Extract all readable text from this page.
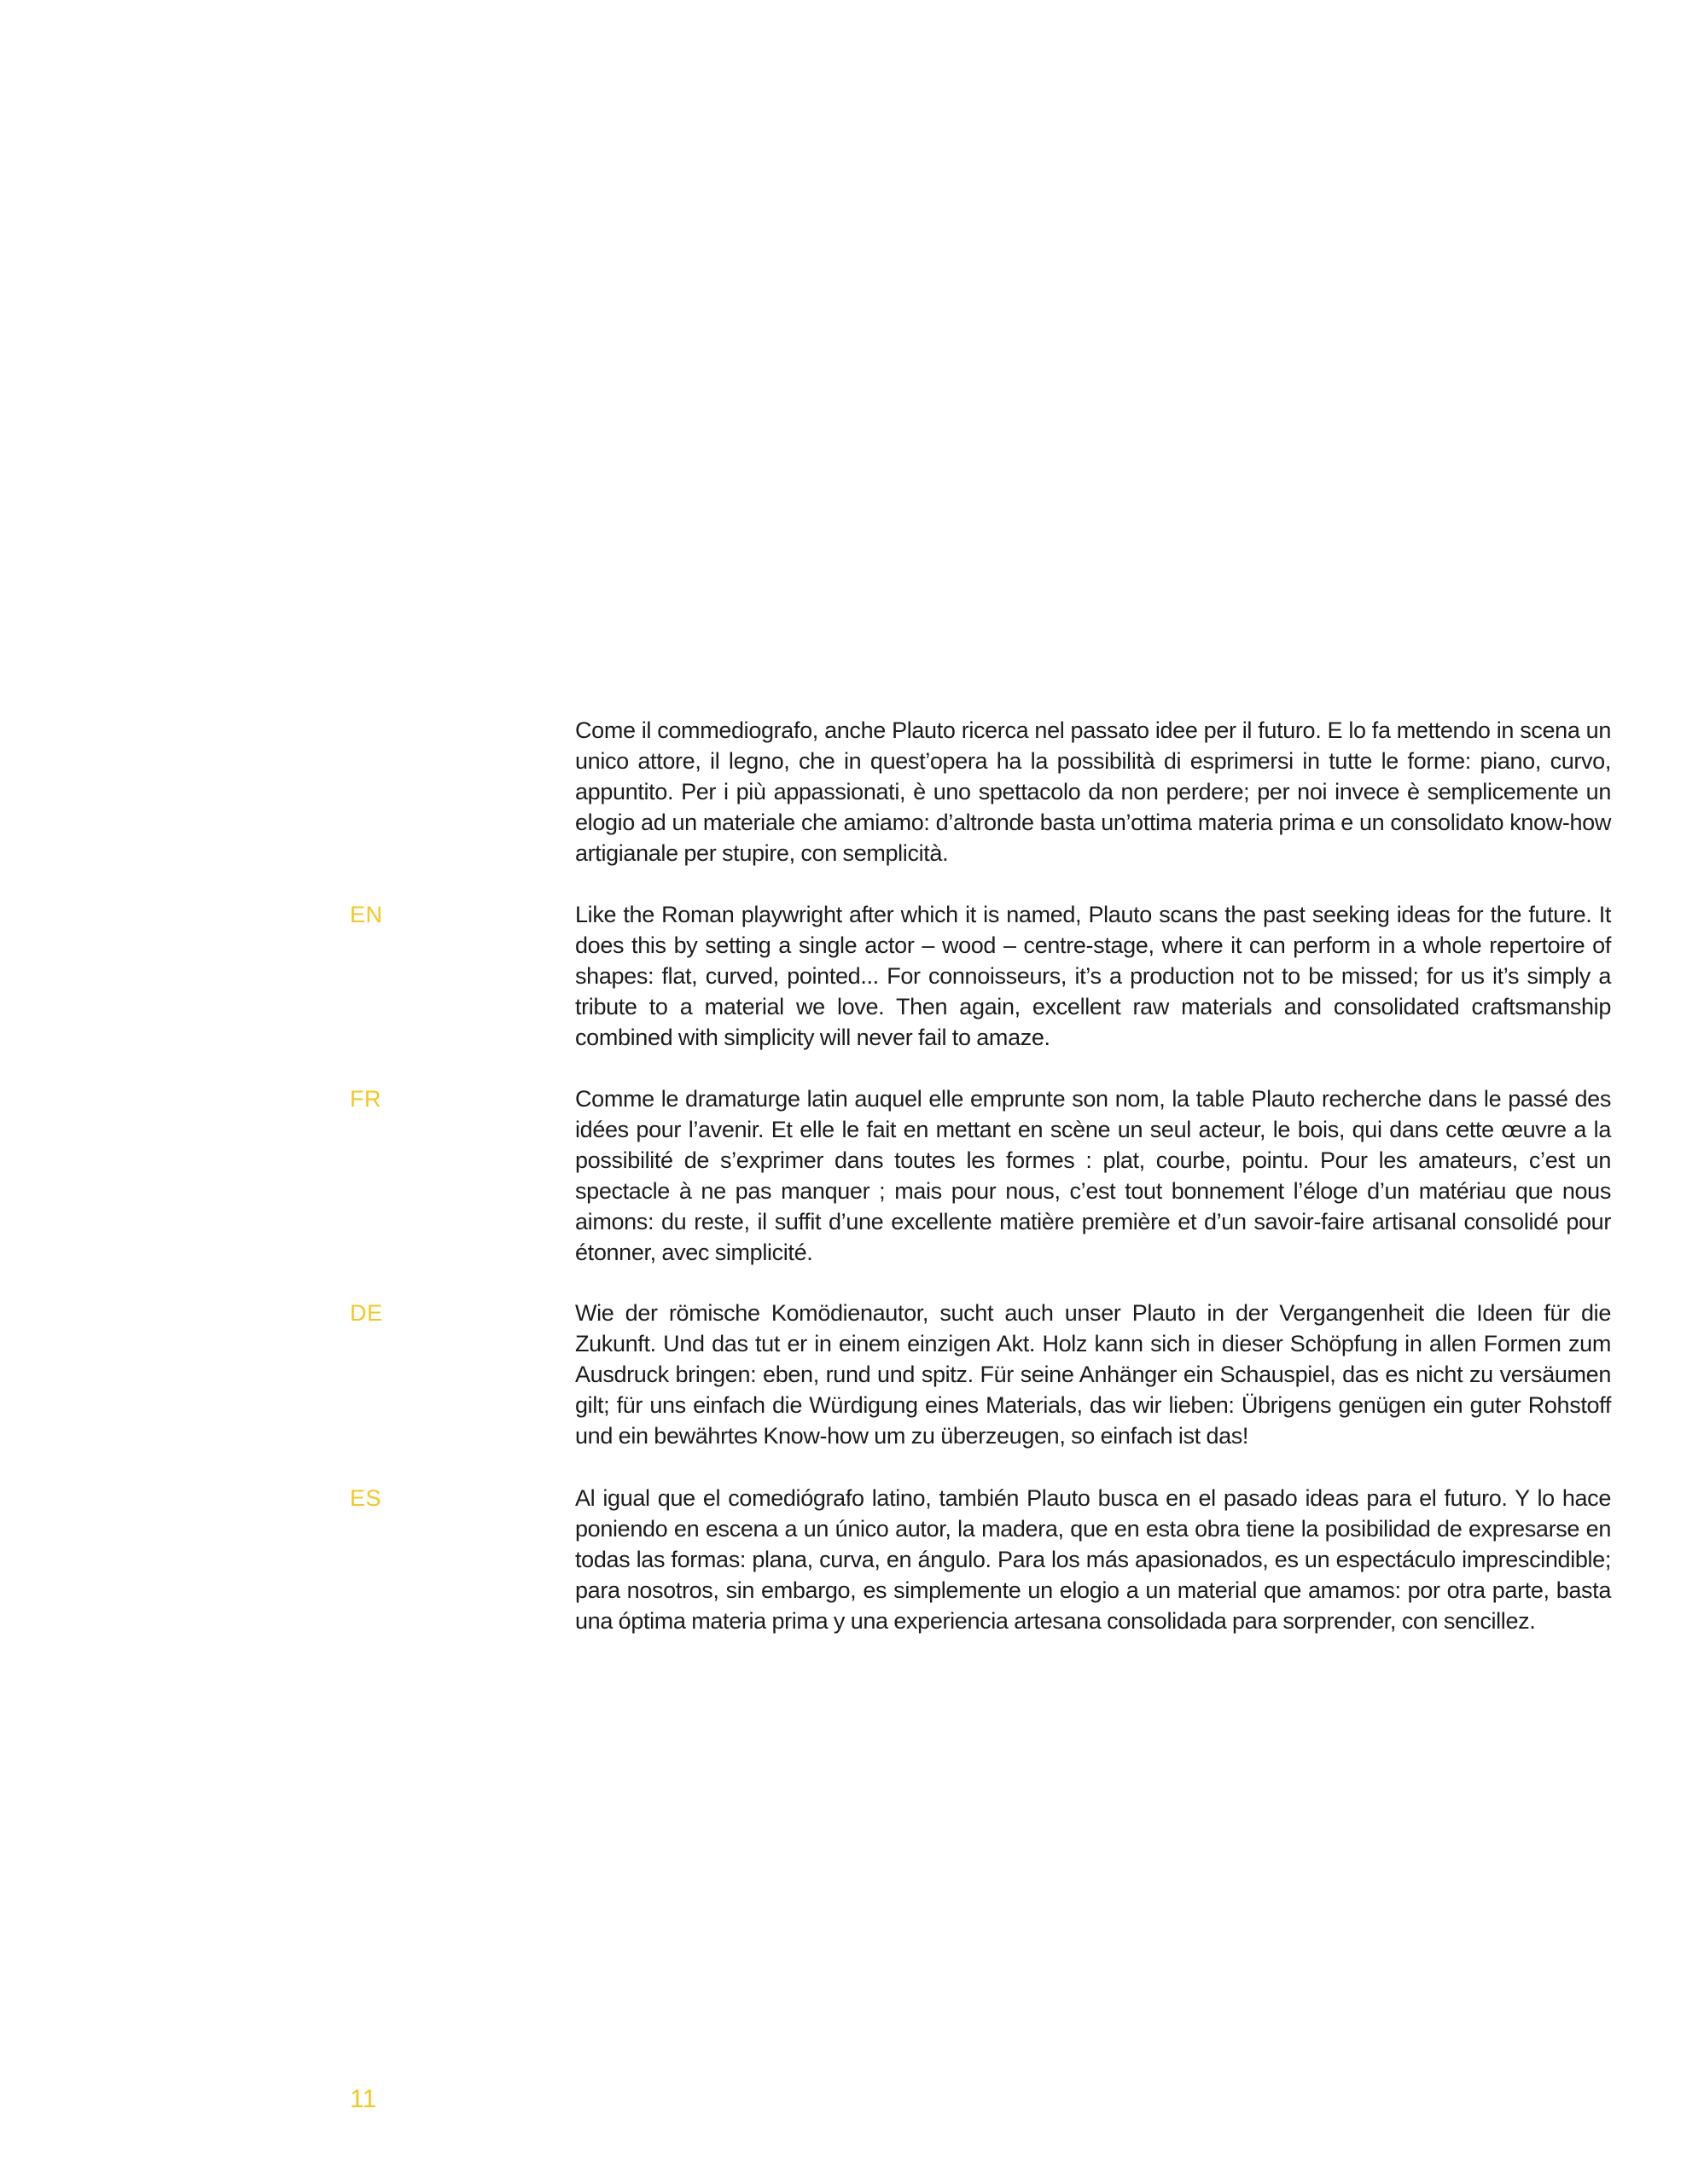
Come il commediografo, anche Plauto ricerca nel passato idee per il futuro. E lo fa mettendo in scena un unico attore, il legno, che in quest’opera ha la possibilità di esprimersi in tutte le forme: piano, curvo, appuntito. Per i più appassionati, è uno spettacolo da non perdere; per noi invece è semplicemente un elogio ad un materiale che amiamo: d’altronde basta un’ottima materia prima e un consolidato know-how artigianale per stupire, con semplicità.

EN	Like the Roman playwright after which it is named, Plauto scans the past seeking ideas for the future. It does this by setting a single actor – wood – centre-stage, where it can perform in a whole repertoire of shapes: flat, curved, pointed... For connoisseurs, it’s a production not to be missed; for us it’s simply a tribute to a material we love. Then again, excellent raw materials and consolidated craftsmanship combined with simplicity will never fail to amaze.

FR	Comme le dramaturge latin auquel elle emprunte son nom, la table Plauto recherche dans le passé des idées pour l’avenir. Et elle le fait en mettant en scène un seul acteur, le bois, qui dans cette œuvre a la possibilité de s’exprimer dans toutes les formes : plat, courbe, pointu. Pour les amateurs, c’est un spectacle à ne pas manquer ; mais pour nous, c’est tout bonnement l’éloge d’un matériau que nous aimons: du reste, il suffit d’une excellente matière première et d’un savoir-faire artisanal consolidé pour étonner, avec simplicité.

DE	Wie der römische Komödienautor, sucht auch unser Plauto in der Vergangenheit die Ideen für die Zukunft. Und das tut er in einem einzigen Akt. Holz kann sich in dieser Schöpfung in allen Formen zum Ausdruck bringen: eben, rund und spitz. Für seine Anhänger ein Schauspiel, das es nicht zu versäumen gilt; für uns einfach die Würdigung eines Materials, das wir lieben: Übrigens genügen ein guter Rohstoff und ein bewährtes Know-how um zu überzeugen, so einfach ist das!

ES	Al igual que el comediógrafo latino, también Plauto busca en el pasado ideas para el futuro. Y lo hace poniendo en escena a un único autor, la madera, que en esta obra tiene la posibilidad de expresarse en todas las formas: plana, curva, en ángulo. Para los más apasionados, es un espectáculo imprescindible; para nosotros, sin embargo, es simplemente un elogio a un material que amamos: por otra parte, basta una óptima materia prima y una experiencia artesana consolidada para sorprender, con sencillez.

11
